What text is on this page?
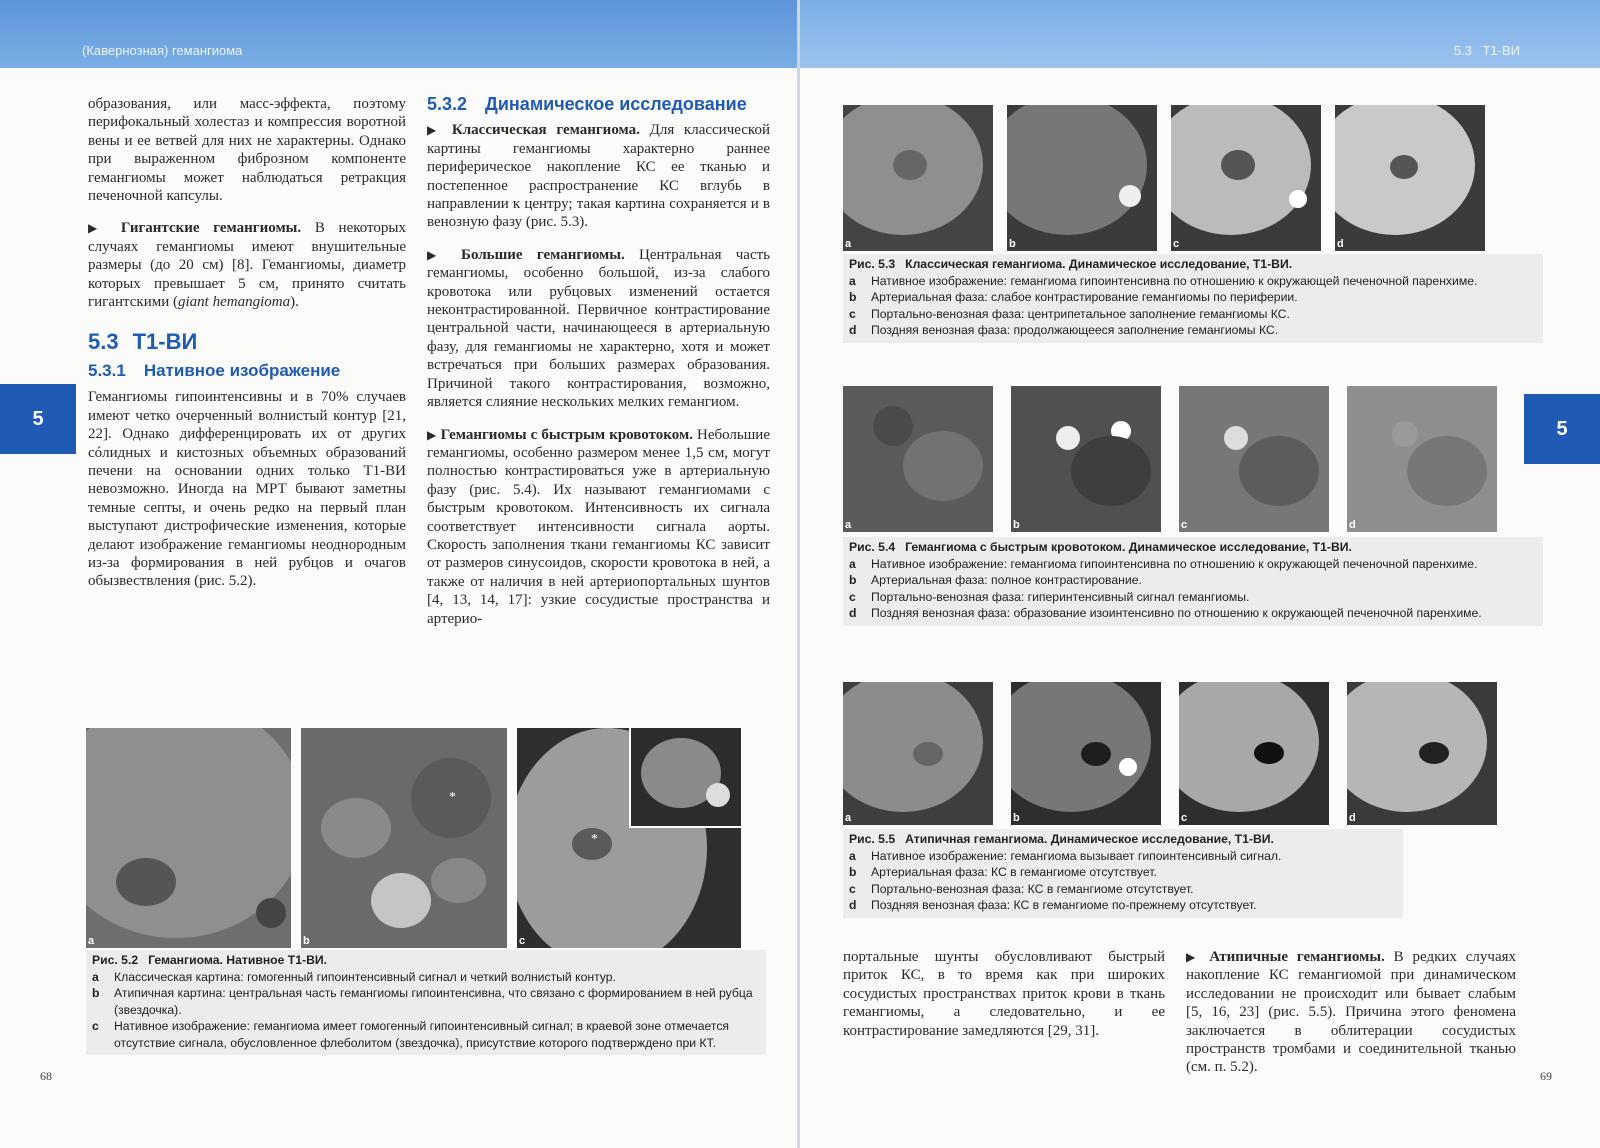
(Кавернозная) гемангиома
5

образования, или масс-эффекта, поэтому перифокальный холестаз и компрессия воротной вены и ее ветвей для них не характерны. Однако при выраженном фиброзном компоненте гемангиомы может наблюдаться ретракция печеночной капсулы.

▶ Гигантские гемангиомы. В некоторых случаях гемангиомы имеют внушительные размеры (до 20 см) [8]. Гемангиомы, диаметр которых превышает 5 см, принято считать гигантскими (giant hemangioma).

5.3 T1-ВИ
5.3.1 Нативное изображение

Гемангиомы гипоинтенсивны и в 70% случаев имеют четко очерченный волнистый контур [21, 22]. Однако дифференцировать их от других сóлидных и кистозных объемных образований печени на основании одних только T1-ВИ невозможно. Иногда на МРТ бывают заметны темные септы, и очень редко на первый план выступают дистрофические изменения, которые делают изображение гемангиомы неоднородным из-за формирования в ней рубцов и очагов обызвествления (рис. 5.2).

5.3.2 Динамическое исследование

▶ Классическая гемангиома. Для классической картины гемангиомы характерно раннее периферическое накопление КС ее тканью и постепенное распространение КС вглубь в направлении к центру; такая картина сохраняется и в венозную фазу (рис. 5.3).

▶ Большие гемангиомы. Центральная часть гемангиомы, особенно большой, из-за слабого кровотока или рубцовых изменений остается неконтрастированной. Первичное контрастирование центральной части, начинающееся в артериальную фазу, для гемангиомы не характерно, хотя и может встречаться при больших размерах образования. Причиной такого контрастирования, возможно, является слияние нескольких мелких гемангиом.

▶ Гемангиомы с быстрым кровотоком. Небольшие гемангиомы, особенно размером менее 1,5 см, могут полностью контрастироваться уже в артериальную фазу (рис. 5.4). Их называют гемангиомами с быстрым кровотоком. Интенсивность их сигнала соответствует интенсивности сигнала аорты. Скорость заполнения ткани гемангиомы КС зависит от размеров синусоидов, скорости кровотока в ней, а также от наличия в ней артериопортальных шунтов [4, 13, 14, 17]: узкие сосудистые пространства и артерио-

a
*
b
*
c
Рис. 5.2 Гемангиома. Нативное T1-ВИ.
a	Классическая картина: гомогенный гипоинтенсивный сигнал и четкий волнистый контур.
b	Атипичная картина: центральная часть гемангиомы гипоинтенсивна, что связано с формированием в ней рубца (звездочка).
c	Нативное изображение: гемангиома имеет гомогенный гипоинтенсивный сигнал; в краевой зоне отмечается отсутствие сигнала, обусловленное флеболитом (звездочка), присутствие которого подтверждено при КТ.
68
5.3   T1-ВИ
5
a	b	c	d
Рис. 5.3 Классическая гемангиома. Динамическое исследование, T1-ВИ.
a	Нативное изображение: гемангиома гипоинтенсивна по отношению к окружающей печеночной паренхиме.
b	Артериальная фаза: слабое контрастирование гемангиомы по периферии.
c	Портально-венозная фаза: центрипетальное заполнение гемангиомы КС.
d	Поздняя венозная фаза: продолжающееся заполнение гемангиомы КС.
a	b	c	d
Рис. 5.4 Гемангиома с быстрым кровотоком. Динамическое исследование, T1-ВИ.
a	Нативное изображение: гемангиома гипоинтенсивна по отношению к окружающей печеночной паренхиме.
b	Артериальная фаза: полное контрастирование.
c	Портально-венозная фаза: гиперинтенсивный сигнал гемангиомы.
d	Поздняя венозная фаза: образование изоинтенсивно по отношению к окружающей печеночной паренхиме.
a	b	c	d
Рис. 5.5 Атипичная гемангиома. Динамическое исследование, T1-ВИ.
a	Нативное изображение: гемангиома вызывает гипоинтенсивный сигнал.
b	Артериальная фаза: КС в гемангиоме отсутствует.
c	Портально-венозная фаза: КС в гемангиоме отсутствует.
d	Поздняя венозная фаза: КС в гемангиоме по-прежнему отсутствует.

портальные шунты обусловливают быстрый приток КС, в то время как при широких сосудистых пространствах приток крови в ткань гемангиомы, а следовательно, и ее контрастирование замедляются [29, 31].

▶ Атипичные гемангиомы. В редких случаях накопление КС гемангиомой при динамическом исследовании не происходит или бывает слабым [5, 16, 23] (рис. 5.5). Причина этого феномена заключается в облитерации сосудистых пространств тромбами и соединительной тканью (см. п. 5.2).

69
